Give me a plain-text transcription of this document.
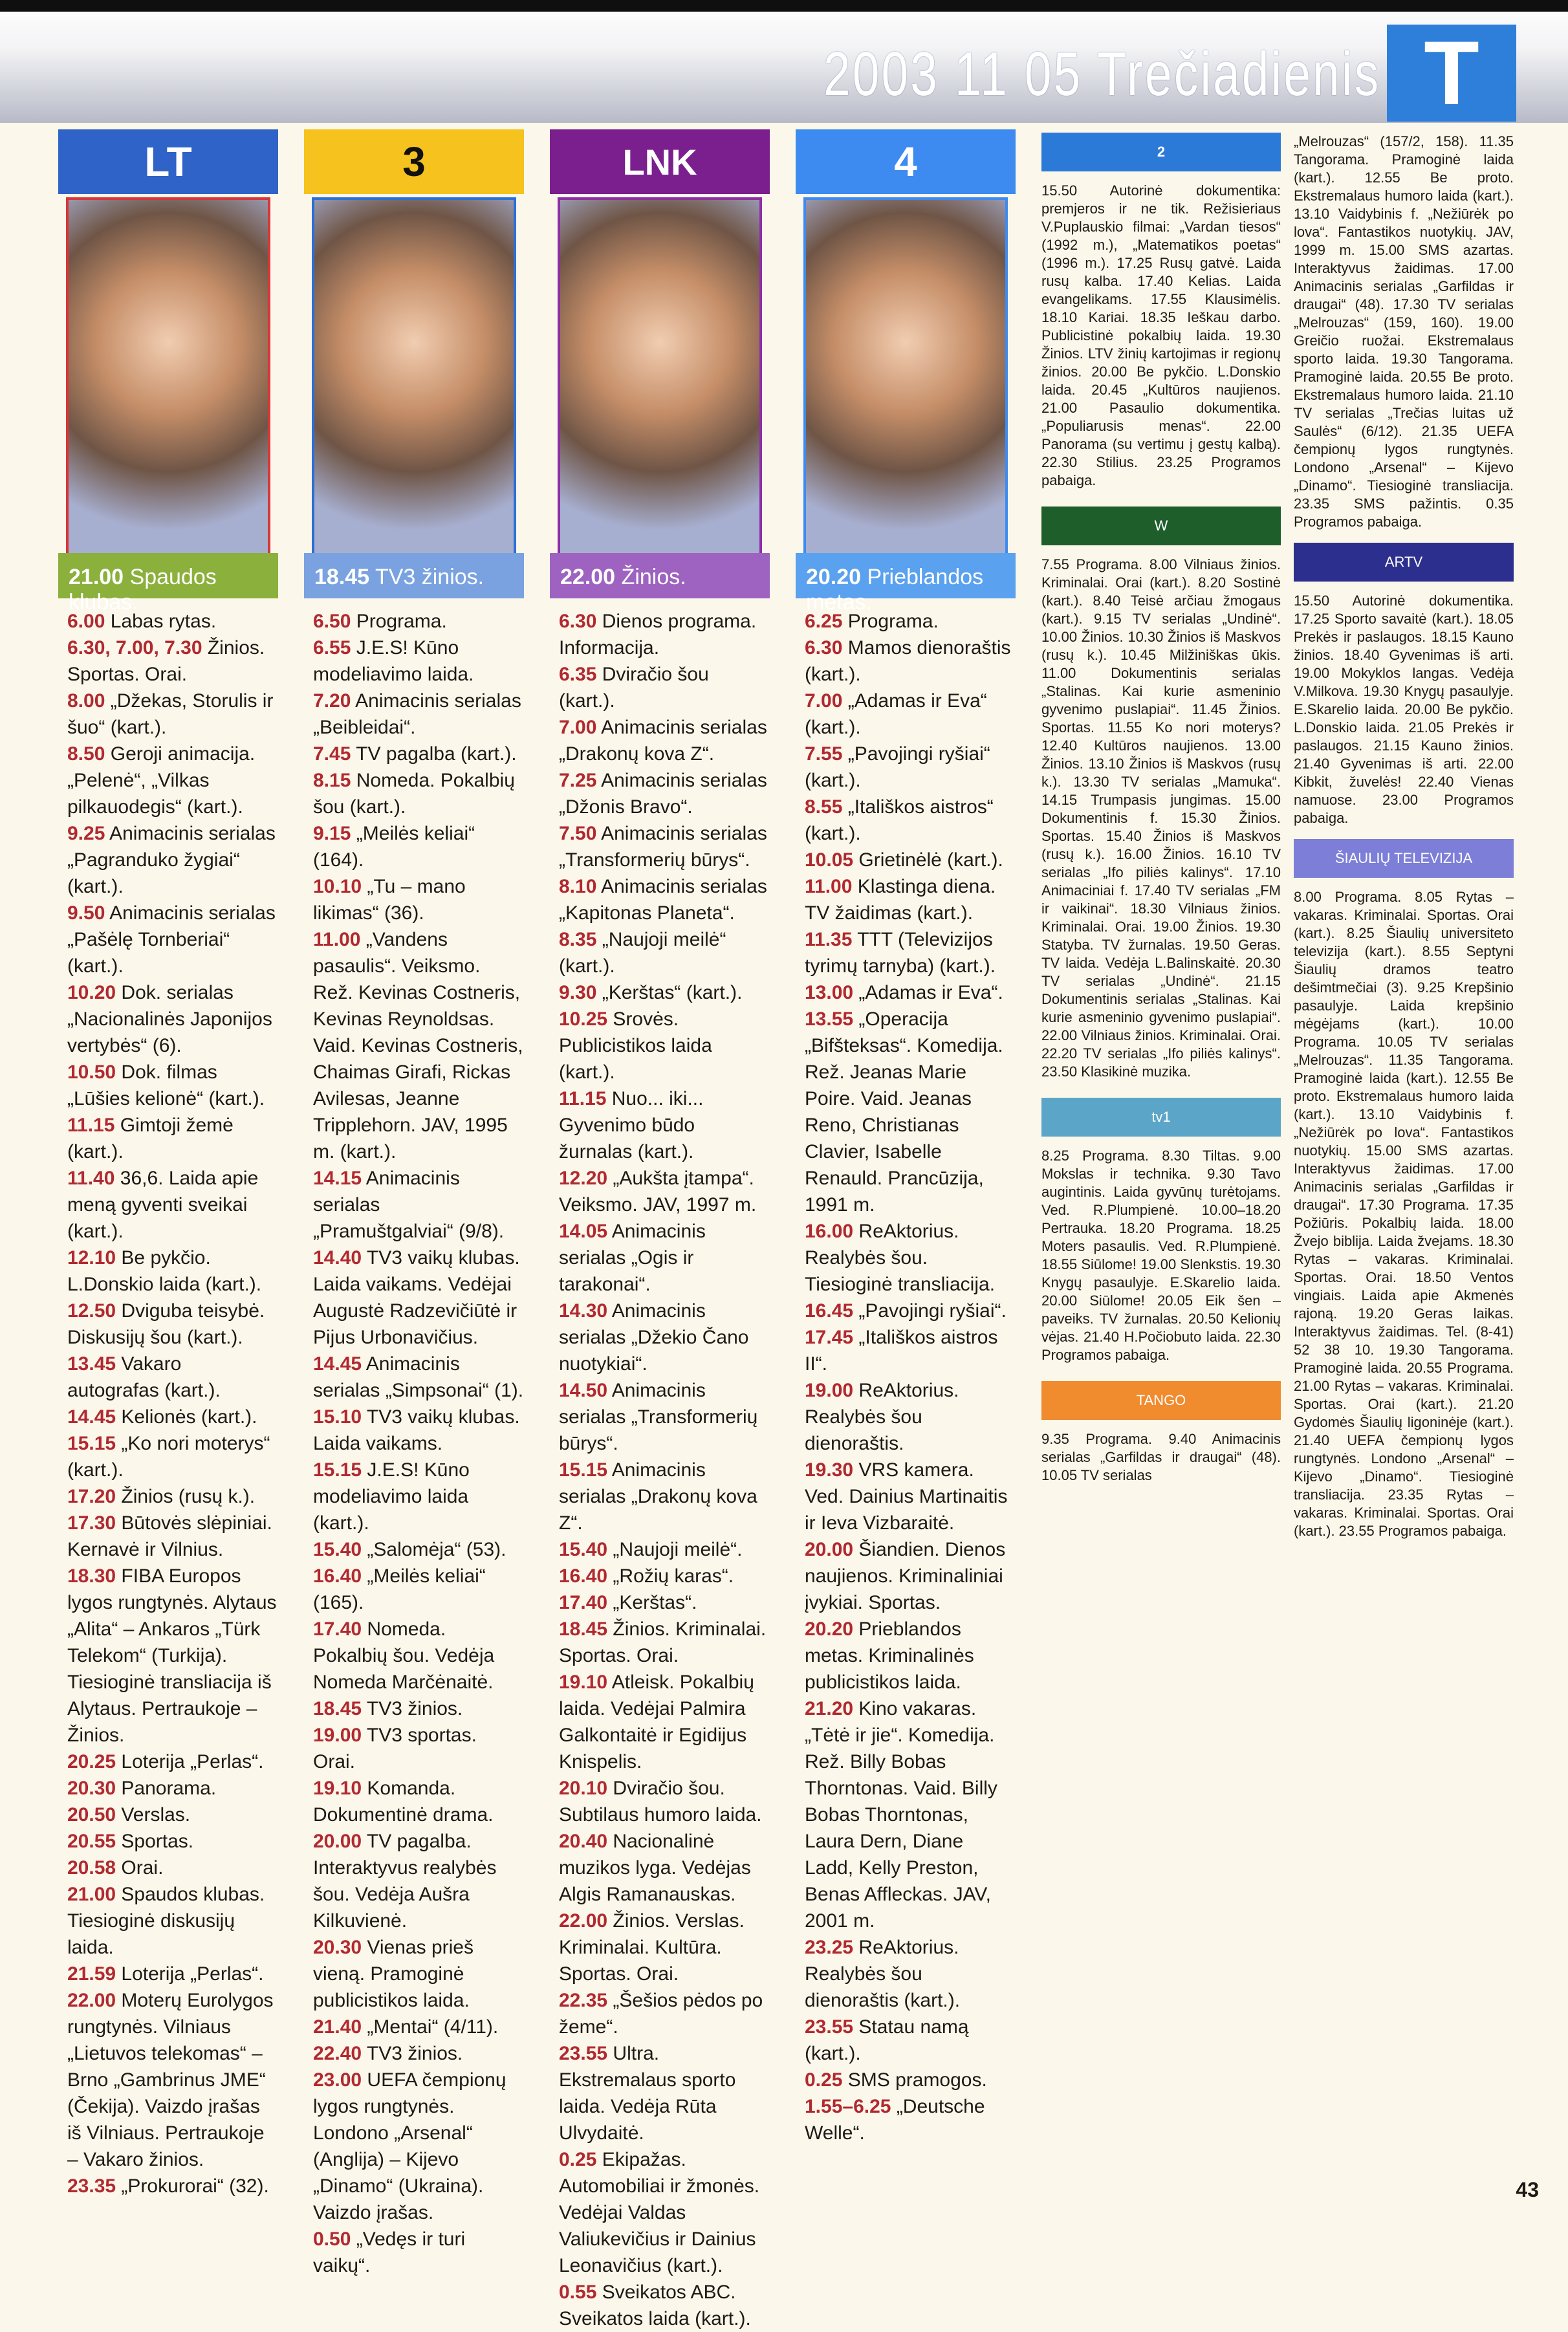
2003 11 05 Trečiadienis T
LT
21.00 Spaudos klubas.
6.00 Labas rytas.
6.30, 7.00, 7.30 Žinios. Sportas. Orai.
8.00 „Džekas, Storulis ir šuo“ (kart.).
8.50 Geroji animacija. „Pelenė“, „Vilkas pilkauodegis“ (kart.).
9.25 Animacinis serialas „Pagranduko žygiai“ (kart.).
9.50 Animacinis serialas „Pašėlę Tornberiai“ (kart.).
10.20 Dok. serialas „Nacionalinės Japonijos vertybės“ (6).
10.50 Dok. filmas „Lūšies kelionė“ (kart.).
11.15 Gimtoji žemė (kart.).
11.40 36,6. Laida apie meną gyventi sveikai (kart.).
12.10 Be pykčio. L.Donskio laida (kart.).
12.50 Dviguba teisybė. Diskusijų šou (kart.).
13.45 Vakaro autografas (kart.).
14.45 Kelionės (kart.).
15.15 „Ko nori moterys“ (kart.).
17.20 Žinios (rusų k.).
17.30 Būtovės slėpiniai. Kernavė ir Vilnius.
18.30 FIBA Europos lygos rungtynės. Alytaus „Alita“ – Ankaros „Türk Telekom“ (Turkija). Tiesioginė transliacija iš Alytaus. Pertraukoje – Žinios.
20.25 Loterija „Perlas“.
20.30 Panorama.
20.50 Verslas.
20.55 Sportas.
20.58 Orai.
21.00 Spaudos klubas. Tiesioginė diskusijų laida.
21.59 Loterija „Perlas“.
22.00 Moterų Eurolygos rungtynės. Vilniaus „Lietuvos telekomas“ – Brno „Gambrinus JME“ (Čekija). Vaizdo įrašas iš Vilniaus. Pertraukoje – Vakaro žinios.
23.35 „Prokurorai“ (32).
3
18.45 TV3 žinios.
6.50 Programa.
6.55 J.E.S! Kūno modeliavimo laida.
7.20 Animacinis serialas „Beibleidai“.
7.45 TV pagalba (kart.).
8.15 Nomeda. Pokalbių šou (kart.).
9.15 „Meilės keliai“ (164).
10.10 „Tu – mano likimas“ (36).
11.00 „Vandens pasaulis“. Veiksmo. Rež. Kevinas Costneris, Kevinas Reynoldsas. Vaid. Kevinas Costneris, Chaimas Girafi, Rickas Avilesas, Jeanne Tripplehorn. JAV, 1995 m. (kart.).
14.15 Animacinis serialas „Pramuštgalviai“ (9/8).
14.40 TV3 vaikų klubas. Laida vaikams. Vedėjai Augustė Radzevičiūtė ir Pijus Urbonavičius.
14.45 Animacinis serialas „Simpsonai“ (1).
15.10 TV3 vaikų klubas. Laida vaikams.
15.15 J.E.S! Kūno modeliavimo laida (kart.).
15.40 „Salomėja“ (53).
16.40 „Meilės keliai“ (165).
17.40 Nomeda. Pokalbių šou. Vedėja Nomeda Marčėnaitė.
18.45 TV3 žinios.
19.00 TV3 sportas. Orai.
19.10 Komanda. Dokumentinė drama.
20.00 TV pagalba. Interaktyvus realybės šou. Vedėja Aušra Kilkuvienė.
20.30 Vienas prieš vieną. Pramoginė publicistikos laida.
21.40 „Mentai“ (4/11).
22.40 TV3 žinios.
23.00 UEFA čempionų lygos rungtynės. Londono „Arsenal“ (Anglija) – Kijevo „Dinamo“ (Ukraina). Vaizdo įrašas.
0.50 „Vedęs ir turi vaikų“.
LNK
22.00 Žinios.
6.30 Dienos programa. Informacija.
6.35 Dviračio šou (kart.).
7.00 Animacinis serialas „Drakonų kova Z“.
7.25 Animacinis serialas „Džonis Bravo“.
7.50 Animacinis serialas „Transformerių būrys“.
8.10 Animacinis serialas „Kapitonas Planeta“.
8.35 „Naujoji meilė“ (kart.).
9.30 „Kerštas“ (kart.).
10.25 Srovės. Publicistikos laida (kart.).
11.15 Nuo... iki... Gyvenimo būdo žurnalas (kart.).
12.20 „Aukšta įtampa“. Veiksmo. JAV, 1997 m.
14.05 Animacinis serialas „Ogis ir tarakonai“.
14.30 Animacinis serialas „Džekio Čano nuotykiai“.
14.50 Animacinis serialas „Transformerių būrys“.
15.15 Animacinis serialas „Drakonų kova Z“.
15.40 „Naujoji meilė“.
16.40 „Rožių karas“.
17.40 „Kerštas“.
18.45 Žinios. Kriminalai. Sportas. Orai.
19.10 Atleisk. Pokalbių laida. Vedėjai Palmira Galkontaitė ir Egidijus Knispelis.
20.10 Dviračio šou. Subtilaus humoro laida.
20.40 Nacionalinė muzikos lyga. Vedėjas Algis Ramanauskas.
22.00 Žinios. Verslas. Kriminalai. Kultūra. Sportas. Orai.
22.35 „Šešios pėdos po žeme“.
23.55 Ultra. Ekstremalaus sporto laida. Vedėja Rūta Ulvydaitė.
0.25 Ekipažas. Automobiliai ir žmonės. Vedėjai Valdas Valiukevičius ir Dainius Leonavičius (kart.).
0.55 Sveikatos ABC. Sveikatos laida (kart.).
4
20.20 Prieblandos metas.
6.25 Programa.
6.30 Mamos dienoraštis (kart.).
7.00 „Adamas ir Eva“ (kart.).
7.55 „Pavojingi ryšiai“ (kart.).
8.55 „Itališkos aistros“ (kart.).
10.05 Grietinėlė (kart.).
11.00 Klastinga diena. TV žaidimas (kart.).
11.35 TTT (Televizijos tyrimų tarnyba) (kart.).
13.00 „Adamas ir Eva“.
13.55 „Operacija „Bifšteksas“. Komedija. Rež. Jeanas Marie Poire. Vaid. Jeanas Reno, Christianas Clavier, Isabelle Renauld. Prancūzija, 1991 m.
16.00 ReAktorius. Realybės šou. Tiesioginė transliacija.
16.45 „Pavojingi ryšiai“.
17.45 „Itališkos aistros II“.
19.00 ReAktorius. Realybės šou dienoraštis.
19.30 VRS kamera. Ved. Dainius Martinaitis ir Ieva Vizbaraitė.
20.00 Šiandien. Dienos naujienos. Kriminaliniai įvykiai. Sportas.
20.20 Prieblandos metas. Kriminalinės publicistikos laida.
21.20 Kino vakaras. „Tėtė ir jie“. Komedija. Rež. Billy Bobas Thorntonas. Vaid. Billy Bobas Thorntonas, Laura Dern, Diane Ladd, Kelly Preston, Benas Affleckas. JAV, 2001 m.
23.25 ReAktorius. Realybės šou dienoraštis (kart.).
23.55 Statau namą (kart.).
0.25 SMS pramogos.
1.55–6.25 „Deutsche Welle“.
2
15.50 Autorinė dokumentika: premjeros ir ne tik. Režisieriaus V.Puplauskio filmai: „Vardan tiesos“ (1992 m.), „Matematikos poetas“ (1996 m.). 17.25 Rusų gatvė. Laida rusų kalba. 17.40 Kelias. Laida evangelikams. 17.55 Klausimėlis. 18.10 Kariai. 18.35 Ieškau darbo. Publicistinė pokalbių laida. 19.30 Žinios. LTV žinių kartojimas ir regionų žinios. 20.00 Be pykčio. L.Donskio laida. 20.45 „Kultūros naujienos. 21.00 Pasaulio dokumentika. „Populiarusis menas“. 22.00 Panorama (su vertimu į gestų kalbą). 22.30 Stilius. 23.25 Programos pabaiga.
W
7.55 Programa. 8.00 Vilniaus žinios. Kriminalai. Orai (kart.). 8.20 Sostinė (kart.). 8.40 Teisė arčiau žmogaus (kart.). 9.15 TV serialas „Undinė“. 10.00 Žinios. 10.30 Žinios iš Maskvos (rusų k.). 10.45 Milžiniškas ūkis. 11.00 Dokumentinis serialas „Stalinas. Kai kurie asmeninio gyvenimo puslapiai“. 11.45 Žinios. Sportas. 11.55 Ko nori moterys? 12.40 Kultūros naujienos. 13.00 Žinios. 13.10 Žinios iš Maskvos (rusų k.). 13.30 TV serialas „Mamuka“. 14.15 Trumpasis jungimas. 15.00 Dokumentinis f. 15.30 Žinios. Sportas. 15.40 Žinios iš Maskvos (rusų k.). 16.00 Žinios. 16.10 TV serialas „Ifo piliės kalinys“. 17.10 Animaciniai f. 17.40 TV serialas „FM ir vaikinai“. 18.30 Vilniaus žinios. Kriminalai. Orai. 19.00 Žinios. 19.30 Statyba. TV žurnalas. 19.50 Geras. TV laida. Vedėja L.Balinskaitė. 20.30 TV serialas „Undinė“. 21.15 Dokumentinis serialas „Stalinas. Kai kurie asmeninio gyvenimo puslapiai“. 22.00 Vilniaus žinios. Kriminalai. Orai. 22.20 TV serialas „Ifo piliės kalinys“. 23.50 Klasikinė muzika.
tv1
8.25 Programa. 8.30 Tiltas. 9.00 Mokslas ir technika. 9.30 Tavo augintinis. Laida gyvūnų turėtojams. Ved. R.Plumpienė. 10.00–18.20 Pertrauka. 18.20 Programa. 18.25 Moters pasaulis. Ved. R.Plumpienė. 18.55 Siūlome! 19.00 Slenkstis. 19.30 Knygų pasaulyje. E.Skarelio laida. 20.00 Siūlome! 20.05 Eik šen – paveiks. TV žurnalas. 20.50 Kelionių vėjas. 21.40 H.Počiobuto laida. 22.30 Programos pabaiga.
TANGO
9.35 Programa. 9.40 Animacinis serialas „Garfildas ir draugai“ (48). 10.05 TV serialas
„Melrouzas“ (157/2, 158). 11.35 Tangorama. Pramoginė laida (kart.). 12.55 Be proto. Ekstremalaus humoro laida (kart.). 13.10 Vaidybinis f. „Nežiūrėk po lova“. Fantastikos nuotykių. JAV, 1999 m. 15.00 SMS azartas. Interaktyvus žaidimas. 17.00 Animacinis serialas „Garfildas ir draugai“ (48). 17.30 TV serialas „Melrouzas“ (159, 160). 19.00 Greičio ruožai. Ekstremalaus sporto laida. 19.30 Tangorama. Pramoginė laida. 20.55 Be proto. Ekstremalaus humoro laida. 21.10 TV serialas „Trečias luitas už Saulės“ (6/12). 21.35 UEFA čempionų lygos rungtynės. Londono „Arsenal“ – Kijevo „Dinamo“. Tiesioginė transliacija. 23.35 SMS pažintis. 0.35 Programos pabaiga.
ARTV
15.50 Autorinė dokumentika. 17.25 Sporto savaitė (kart.). 18.05 Prekės ir paslaugos. 18.15 Kauno žinios. 18.40 Gyvenimas iš arti. 19.00 Mokyklos langas. Vedėja V.Milkova. 19.30 Knygų pasaulyje. E.Skarelio laida. 20.00 Be pykčio. L.Donskio laida. 21.05 Prekės ir paslaugos. 21.15 Kauno žinios. 21.40 Gyvenimas iš arti. 22.00 Kibkit, žuvelės! 22.40 Vienas namuose. 23.00 Programos pabaiga.
ŠIAULIŲ TELEVIZIJA
8.00 Programa. 8.05 Rytas – vakaras. Kriminalai. Sportas. Orai (kart.). 8.25 Šiaulių universiteto televizija (kart.). 8.55 Septyni Šiaulių dramos teatro dešimtmečiai (3). 9.25 Krepšinio pasaulyje. Laida krepšinio mėgėjams (kart.). 10.00 Programa. 10.05 TV serialas „Melrouzas“. 11.35 Tangorama. Pramoginė laida (kart.). 12.55 Be proto. Ekstremalaus humoro laida (kart.). 13.10 Vaidybinis f. „Nežiūrėk po lova“. Fantastikos nuotykių. 15.00 SMS azartas. Interaktyvus žaidimas. 17.00 Animacinis serialas „Garfildas ir draugai“. 17.30 Programa. 17.35 Požiūris. Pokalbių laida. 18.00 Žvejo biblija. Laida žvejams. 18.30 Rytas – vakaras. Kriminalai. Sportas. Orai. 18.50 Ventos vingiais. Laida apie Akmenės rajoną. 19.20 Geras laikas. Interaktyvus žaidimas. Tel. (8-41) 52 38 10. 19.30 Tangorama. Pramoginė laida. 20.55 Programa. 21.00 Rytas – vakaras. Kriminalai. Sportas. Orai (kart.). 21.20 Gydomės Šiaulių ligoninėje (kart.). 21.40 UEFA čempionų lygos rungtynės. Londono „Arsenal“ – Kijevo „Dinamo“. Tiesioginė transliacija. 23.35 Rytas – vakaras. Kriminalai. Sportas. Orai (kart.). 23.55 Programos pabaiga.
43
